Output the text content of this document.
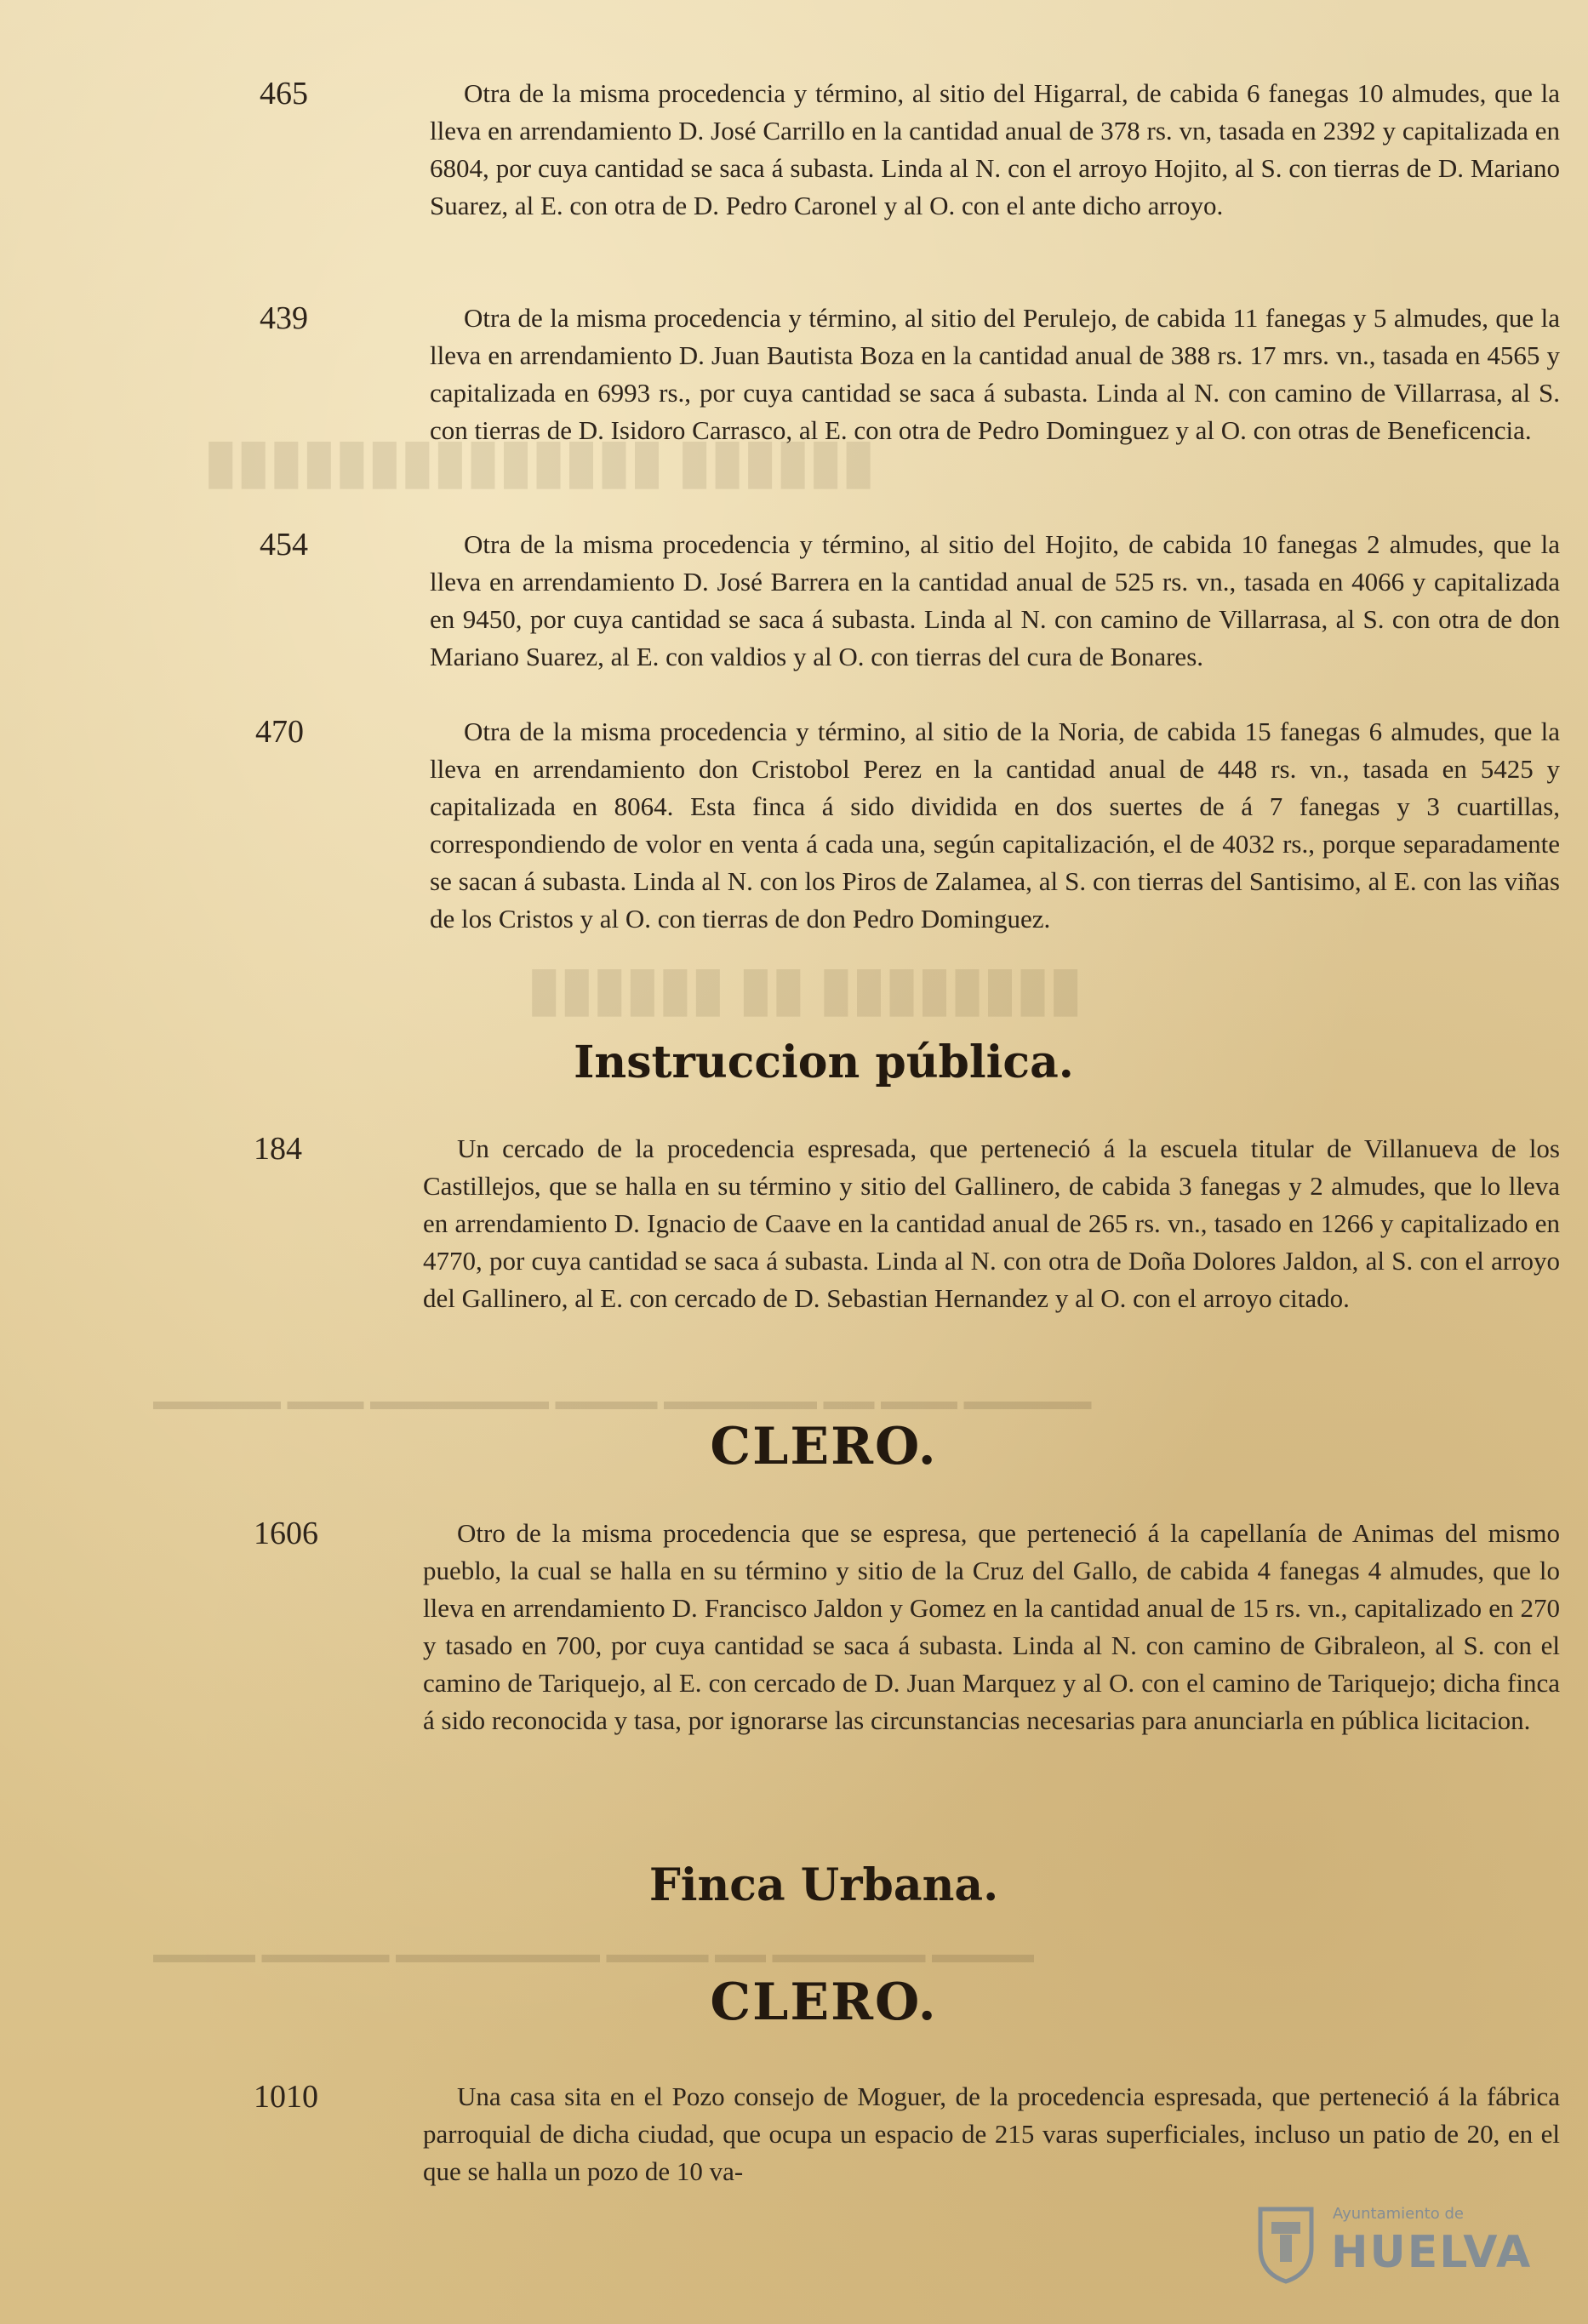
▮▮▮▮▮▮ ▮▮▮▮▮▮▮▮▮▮▮▮▮▮
▮▮▮▮▮▮▮▮ ▮▮ ▮▮▮▮▮▮
▬▬▬▬▬ ▬▬▬ ▬▬ ▬▬▬▬▬▬ ▬▬▬▬ ▬▬▬▬▬▬▬ ▬▬▬ ▬▬▬▬▬
▬▬▬▬ ▬▬▬▬▬▬ ▬▬ ▬▬▬▬ ▬▬▬▬▬▬▬▬ ▬▬▬▬▬ ▬▬▬▬
465	Otra de la misma procedencia y término, al sitio del Higarral, de cabida 6 fanegas 10 almudes, que la lleva en arrendamiento D. José Carrillo en la cantidad anual de 378 rs. vn, tasada en 2392 y capitalizada en 6804, por cuya cantidad se saca á subasta. Linda al N. con el arroyo Hojito, al S. con tierras de D. Mariano Suarez, al E. con otra de D. Pedro Caronel y al O. con el ante dicho arroyo.
439	Otra de la misma procedencia y término, al sitio del Perulejo, de cabida 11 fanegas y 5 almudes, que la lleva en arrendamiento D. Juan Bautista Boza en la cantidad anual de 388 rs. 17 mrs. vn., tasada en 4565 y capitalizada en 6993 rs., por cuya cantidad se saca á subasta. Linda al N. con camino de Villarrasa, al S. con tierras de D. Isidoro Carrasco, al E. con otra de Pedro Dominguez y al O. con otras de Beneficencia.
454	Otra de la misma procedencia y término, al sitio del Hojito, de cabida 10 fanegas 2 almudes, que la lleva en arrendamiento D. José Barrera en la cantidad anual de 525 rs. vn., tasada en 4066 y capitalizada en 9450, por cuya cantidad se saca á subasta. Linda al N. con camino de Villarrasa, al S. con otra de don Mariano Suarez, al E. con valdios y al O. con tierras del cura de Bonares.
470	Otra de la misma procedencia y término, al sitio de la Noria, de cabida 15 fanegas 6 almudes, que la lleva en arrendamiento don Cristobol Perez en la cantidad anual de 448 rs. vn., tasada en 5425 y capitalizada en 8064. Esta finca á sido dividida en dos suertes de á 7 fanegas y 3 cuartillas, correspondiendo de volor en venta á cada una, según capitalización, el de 4032 rs., porque separadamente se sacan á subasta. Linda al N. con los Piros de Zalamea, al S. con tierras del Santisimo, al E. con las viñas de los Cristos y al O. con tierras de don Pedro Dominguez.
Instruccion pública.
184	Un cercado de la procedencia espresada, que perteneció á la escuela titular de Villanueva de los Castillejos, que se halla en su término y sitio del Gallinero, de cabida 3 fanegas y 2 almudes, que lo lleva en arrendamiento D. Ignacio de Caave en la cantidad anual de 265 rs. vn., tasado en 1266 y capitalizado en 4770, por cuya cantidad se saca á subasta. Linda al N. con otra de Doña Dolores Jaldon, al S. con el arroyo del Gallinero, al E. con cercado de D. Sebastian Hernandez y al O. con el arroyo citado.
CLERO.
1606	Otro de la misma procedencia que se espresa, que perteneció á la capellanía de Animas del mismo pueblo, la cual se halla en su término y sitio de la Cruz del Gallo, de cabida 4 fanegas 4 almudes, que lo lleva en arrendamiento D. Francisco Jaldon y Gomez en la cantidad anual de 15 rs. vn., capitalizado en 270 y tasado en 700, por cuya cantidad se saca á subasta. Linda al N. con camino de Gibraleon, al S. con el camino de Tariquejo, al E. con cercado de D. Juan Marquez y al O. con el camino de Tariquejo; dicha finca á sido reconocida y tasa, por ignorarse las circunstancias necesarias para anunciarla en pública licitacion.
Finca Urbana.
CLERO.
1010	Una casa sita en el Pozo consejo de Moguer, de la procedencia espresada, que perteneció á la fábrica parroquial de dicha ciudad, que ocupa un espacio de 215 varas superficiales, incluso un patio de 20, en el que se halla un pozo de 10 va-
Ayuntamiento de
HUELVA
